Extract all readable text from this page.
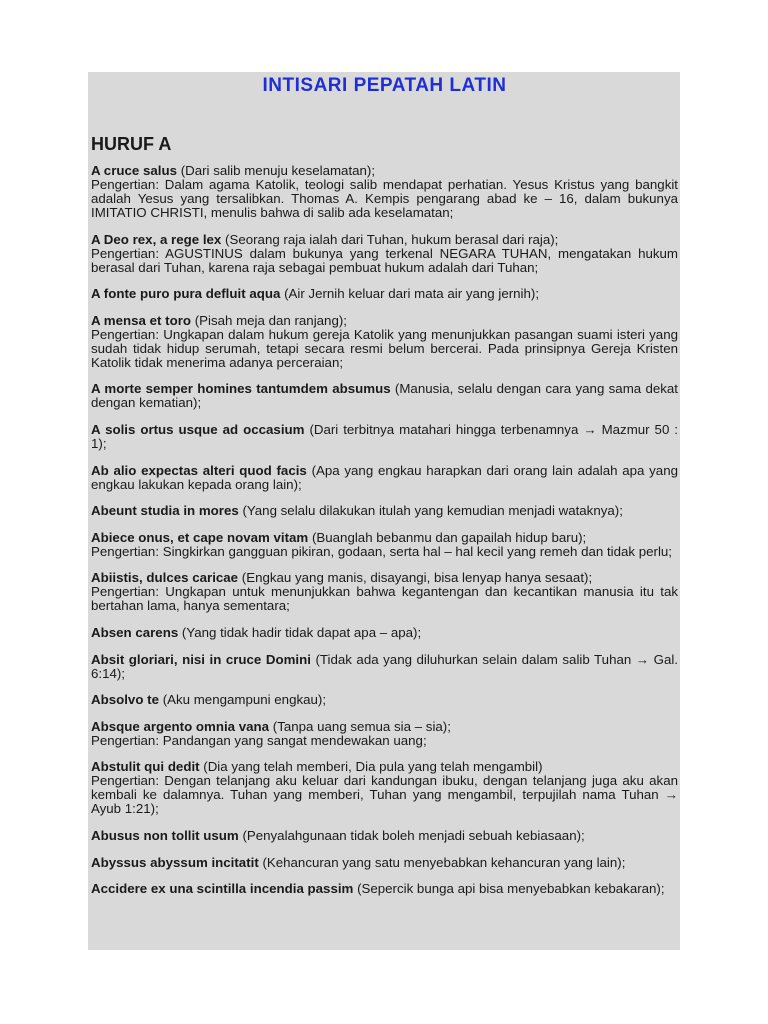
INTISARI PEPATAH LATIN
HURUF A

A cruce salus (Dari salib menuju keselamatan);

Pengertian: Dalam agama Katolik, teologi salib mendapat perhatian. Yesus Kristus yang bangkit adalah Yesus yang tersalibkan. Thomas A. Kempis pengarang abad ke – 16, dalam bukunya IMITATIO CHRISTI, menulis bahwa di salib ada keselamatan;

A Deo rex, a rege lex (Seorang raja ialah dari Tuhan, hukum berasal dari raja);

Pengertian: AGUSTINUS dalam bukunya yang terkenal NEGARA TUHAN, mengatakan hukum berasal dari Tuhan, karena raja sebagai pembuat hukum adalah dari Tuhan;

A fonte puro pura defluit aqua (Air Jernih keluar dari mata air yang jernih);

A mensa et toro (Pisah meja dan ranjang);

Pengertian: Ungkapan dalam hukum gereja Katolik yang menunjukkan pasangan suami isteri yang sudah tidak hidup serumah, tetapi secara resmi belum bercerai. Pada prinsipnya Gereja Kristen Katolik tidak menerima adanya perceraian;

A morte semper homines tantumdem absumus (Manusia, selalu dengan cara yang sama dekat dengan kematian);

A solis ortus usque ad occasium (Dari terbitnya matahari hingga terbenamnya → Mazmur 50 : 1);

Ab alio expectas alteri quod facis (Apa yang engkau harapkan dari orang lain adalah apa yang engkau lakukan kepada orang lain);

Abeunt studia in mores (Yang selalu dilakukan itulah yang kemudian menjadi wataknya);

Abiece onus, et cape novam vitam (Buanglah bebanmu dan gapailah hidup baru);

Pengertian: Singkirkan gangguan pikiran, godaan, serta hal – hal kecil yang remeh dan tidak perlu;

Abiistis, dulces caricae (Engkau yang manis, disayangi, bisa lenyap hanya sesaat);

Pengertian: Ungkapan untuk menunjukkan bahwa kegantengan dan kecantikan manusia itu tak bertahan lama, hanya sementara;

Absen carens (Yang tidak hadir tidak dapat apa – apa);

Absit gloriari, nisi in cruce Domini (Tidak ada yang diluhurkan selain dalam salib Tuhan → Gal. 6:14);

Absolvo te (Aku mengampuni engkau);

Absque argento omnia vana (Tanpa uang semua sia – sia);

Pengertian: Pandangan yang sangat mendewakan uang;

Abstulit qui dedit (Dia yang telah memberi, Dia pula yang telah mengambil)

Pengertian: Dengan telanjang aku keluar dari kandungan ibuku, dengan telanjang juga aku akan kembali ke dalamnya. Tuhan yang memberi, Tuhan yang mengambil, terpujilah nama Tuhan → Ayub 1:21);

Abusus non tollit usum (Penyalahgunaan tidak boleh menjadi sebuah kebiasaan);

Abyssus abyssum incitatit (Kehancuran yang satu menyebabkan kehancuran yang lain);

Accidere ex una scintilla incendia passim (Sepercik bunga api bisa menyebabkan kebakaran);
